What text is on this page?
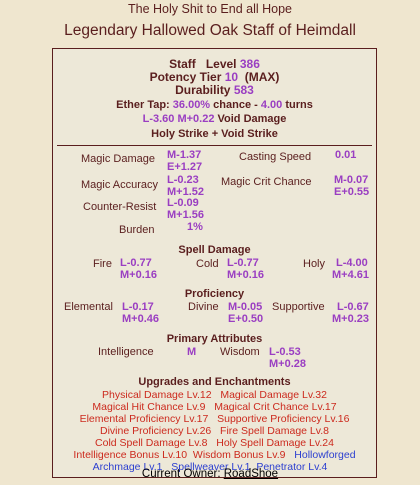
The Holy Shit to End all Hope
Legendary Hallowed Oak Staff of Heimdall
Staff Level 386
Potency Tier 10 (MAX)
Durability 583
Ether Tap: 36.00% chance - 4.00 turns
L-3.60 M+0.22 Void Damage
Holy Strike + Void Strike
Magic Damage M-1.37
E+1.27
Casting Speed 0.01
Magic Accuracy L-0.23
M+1.52
Magic Crit Chance M-0.07
E+0.55
Counter-Resist L-0.09
M+1.56
Burden	1%
Spell Damage
Fire L-0.77
M+0.16
Cold L-0.77
M+0.16
Holy L-4.00
M+4.61
Proficiency
Elemental L-0.17
M+0.46
Divine M-0.05
E+0.50
Supportive L-0.67
M+0.23
Primary Attributes
Intelligence	M Wisdom L-0.53
M+0.28
Upgrades and Enchantments
Physical Damage Lv.12 Magical Damage Lv.32
Magical Hit Chance Lv.9 Magical Crit Chance Lv.17
Elemental Proficiency Lv.17 Supportive Proficiency Lv.16
Divine Proficiency Lv.26 Fire Spell Damage Lv.8
Cold Spell Damage Lv.8 Holy Spell Damage Lv.24
Intelligence Bonus Lv.10 Wisdom Bonus Lv.9 Hollowforged
Archmage Lv.1 Spellweaver Lv.1 Penetrator Lv.4
Current Owner: RoadShoe
